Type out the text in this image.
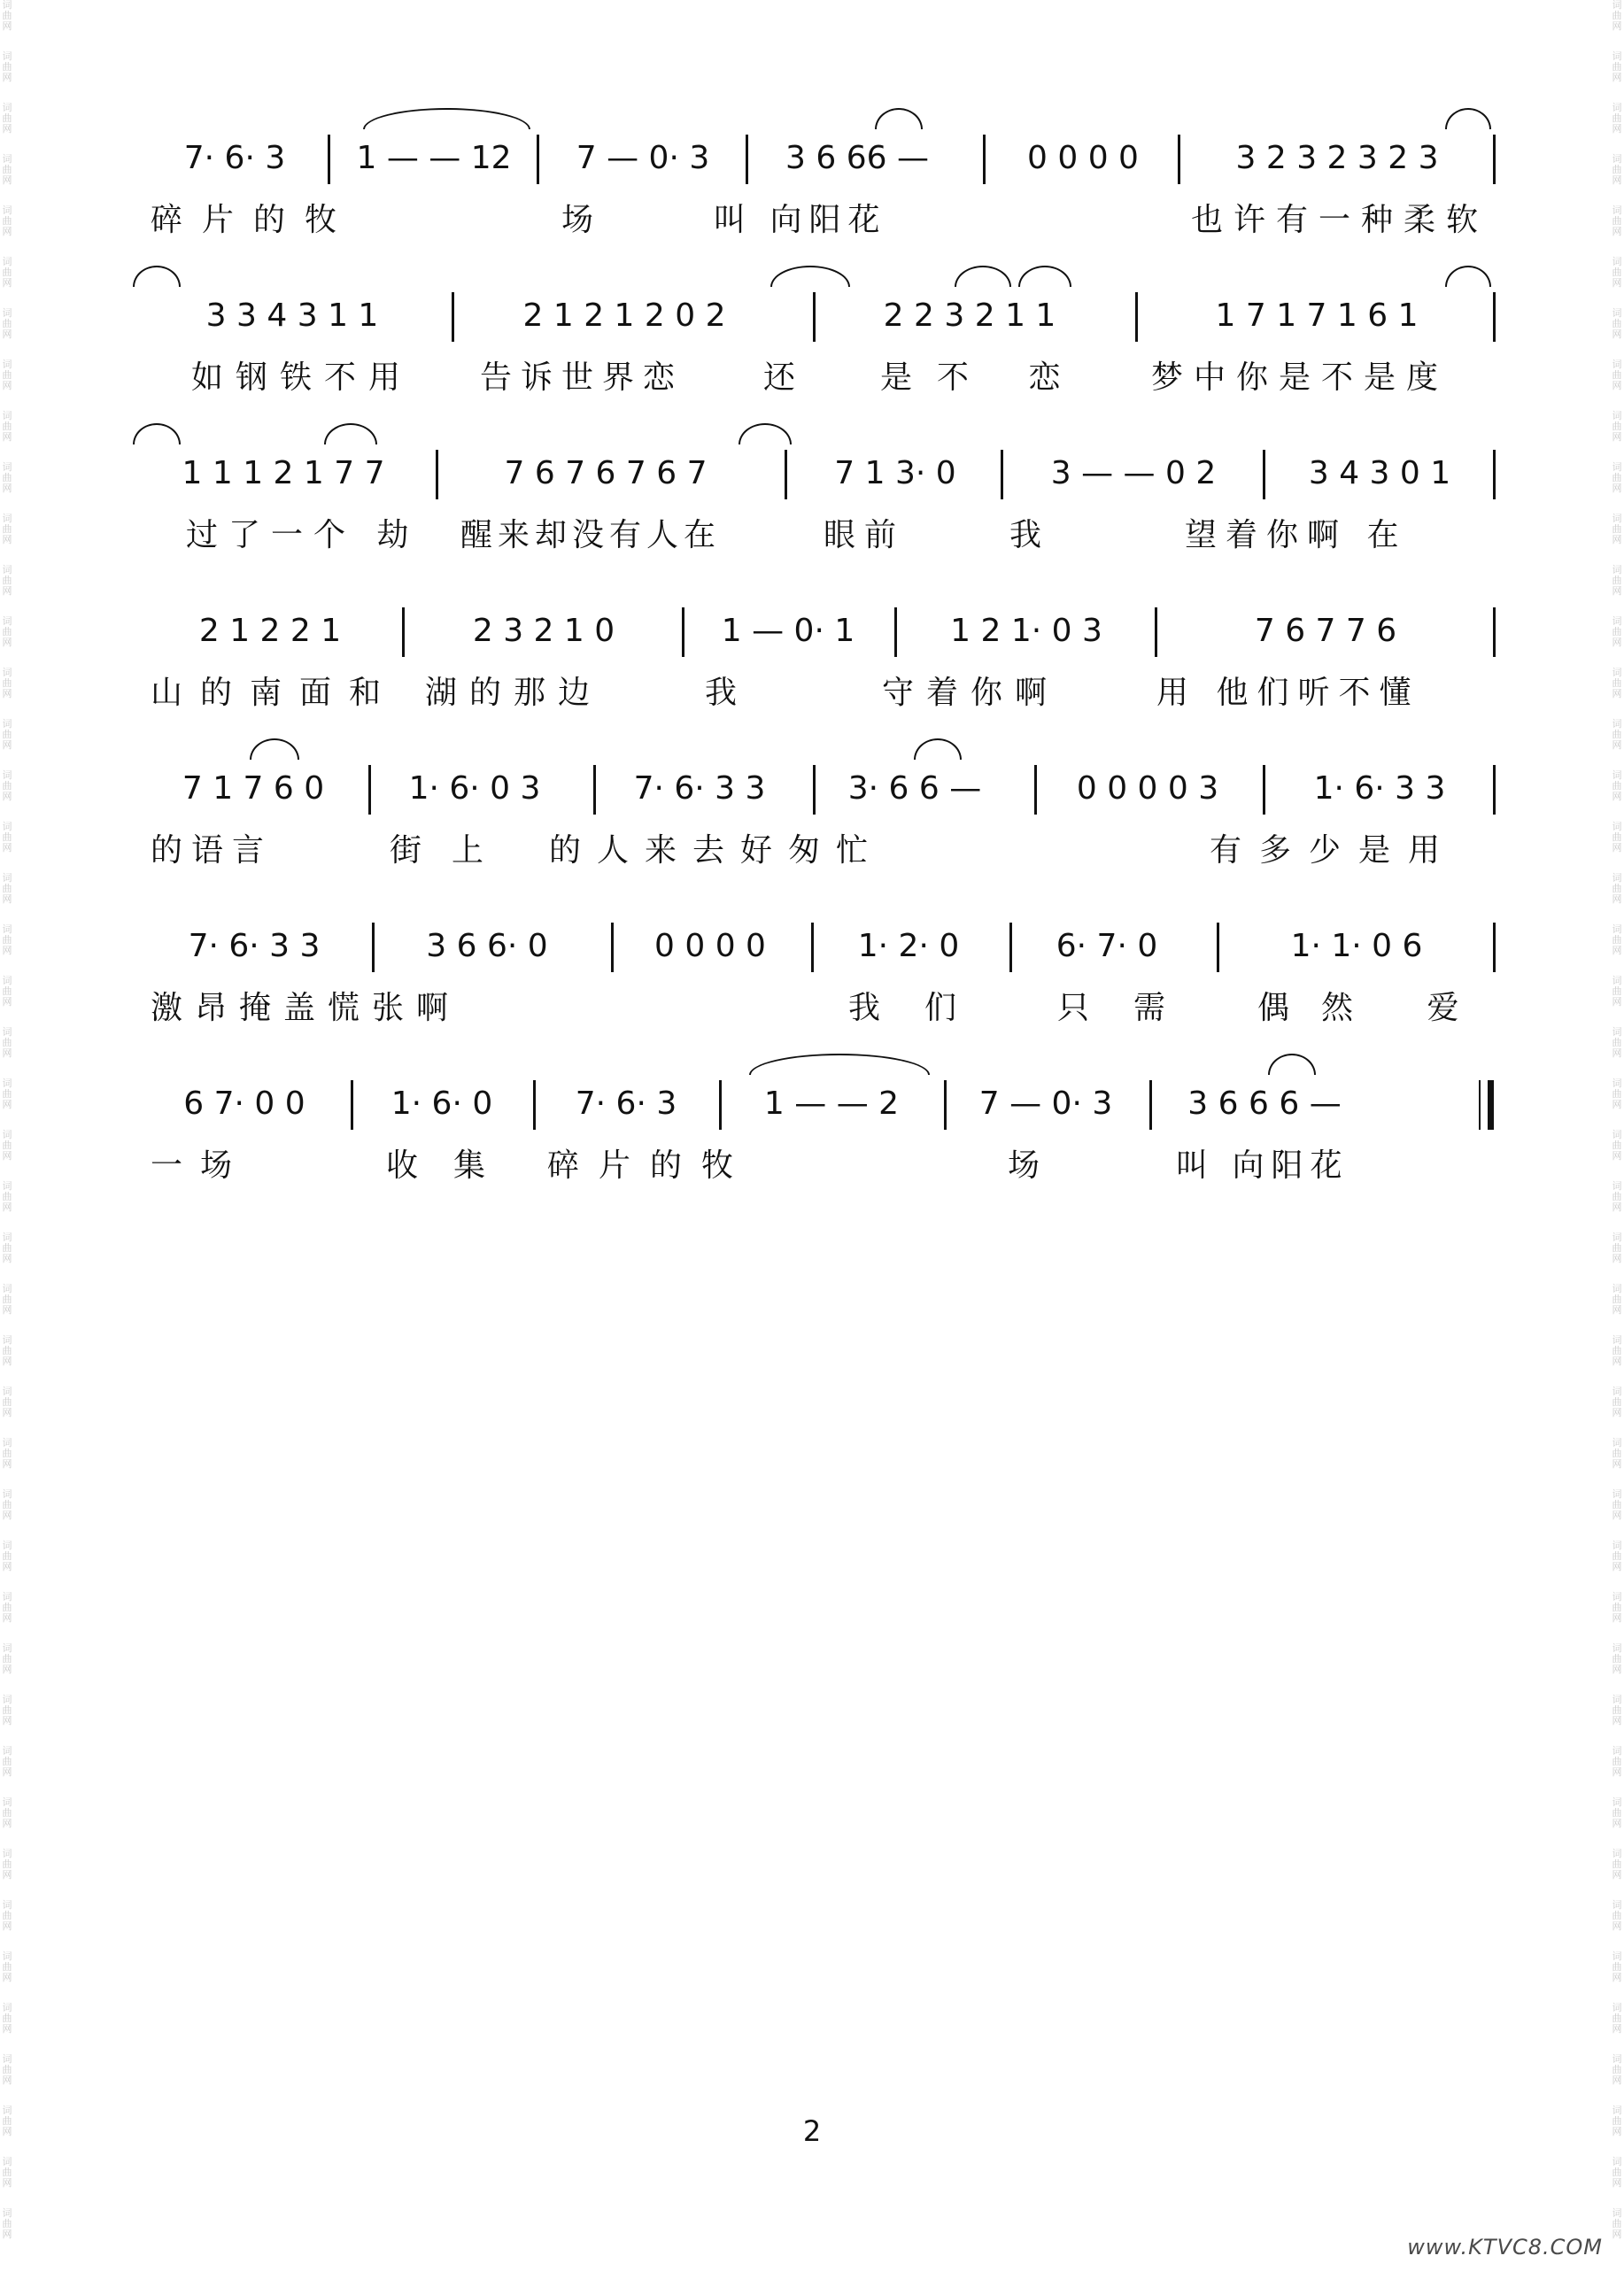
词
曲
网
词
曲
网
词
曲
网
词
曲
网
词
曲
网
词
曲
网
词
曲
网
词
曲
网
词
曲
网
词
曲
网
词
曲
网
词
曲
网
词
曲
网
词
曲
网
词
曲
网
词
曲
网
词
曲
网
词
曲
网
词
曲
网
词
曲
网
词
曲
网
词
曲
网
词
曲
网
词
曲
网
词
曲
网
词
曲
网
词
曲
网
词
曲
网
词
曲
网
词
曲
网
词
曲
网
词
曲
网
词
曲
网
词
曲
网
词
曲
网
词
曲
网
词
曲
网
词
曲
网
词
曲
网
词
曲
网
词
曲
网
词
曲
网
词
曲
网
词
曲
网
词
曲
网
词
曲
网
词
曲
网
词
曲
网
词
曲
网
词
曲
网
词
曲
网
词
曲
网
词
曲
网
词
曲
网
词
曲
网
词
曲
网
词
曲
网
词
曲
网
词
曲
网
词
曲
网
词
曲
网
词
曲
网
词
曲
网
词
曲
网
词
曲
网
词
曲
网
词
曲
网
词
曲
网
词
曲
网
词
曲
网
词
曲
网
词
曲
网
词
曲
网
词
曲
网
词
曲
网
词
曲
网
词
曲
网
词
曲
网
词
曲
网
词
曲
网
词
曲
网
词
曲
网
词
曲
网
词
曲
网
词
曲
网
词
曲
网
词
曲
网
词
曲
网
7· 6· 3	1 — — 12	7 — 0· 3	3 6 66 —	0 0 0 0	3 2 3 2 3 2 3
碎片的牧	场	叫 向阳花	也许有一种柔软
3 3 4 3 1 1	2 1 2 1 2 0 2	2 2 3 2 1 1	1 7 1 7 1 6 1
如钢铁不用 告诉世界恋 还 是不 恋 梦中你是不是度
1 1 1 2 1 7 7	7 6 7 6 7 6 7	7 1 3· 0	3 — — 0 2	3 4 3 0 1
过了一个 劫 醒来却没有人在	眼前	我	望着你啊 在
2 1 2 2 1	2 3 2 1 0	1 — 0· 1	1 2 1· 0 3	7 6 7 7 6
山的南面和 湖的那边	我	守着你啊	用 他们听不懂
7 1 7 6 0	1· 6· 0 3	7· 6· 3 3	3· 6 6 —	0 0 0 0 3	1· 6· 3 3
的语言	街上 的人来去好匆忙	有多少是用
7· 6· 3 3	3 6 6· 0	0 0 0 0	1· 2· 0	6· 7· 0	1· 1· 0 6
激昂掩盖慌张啊	我们 只需 偶然 爱
6 7· 0 0	1· 6· 0	7· 6· 3	1 — — 2	7 — 0· 3	3 6 6 6 —
一场	收集 碎片的牧	场	叫 向阳花
2
www.KTVC8.COM
